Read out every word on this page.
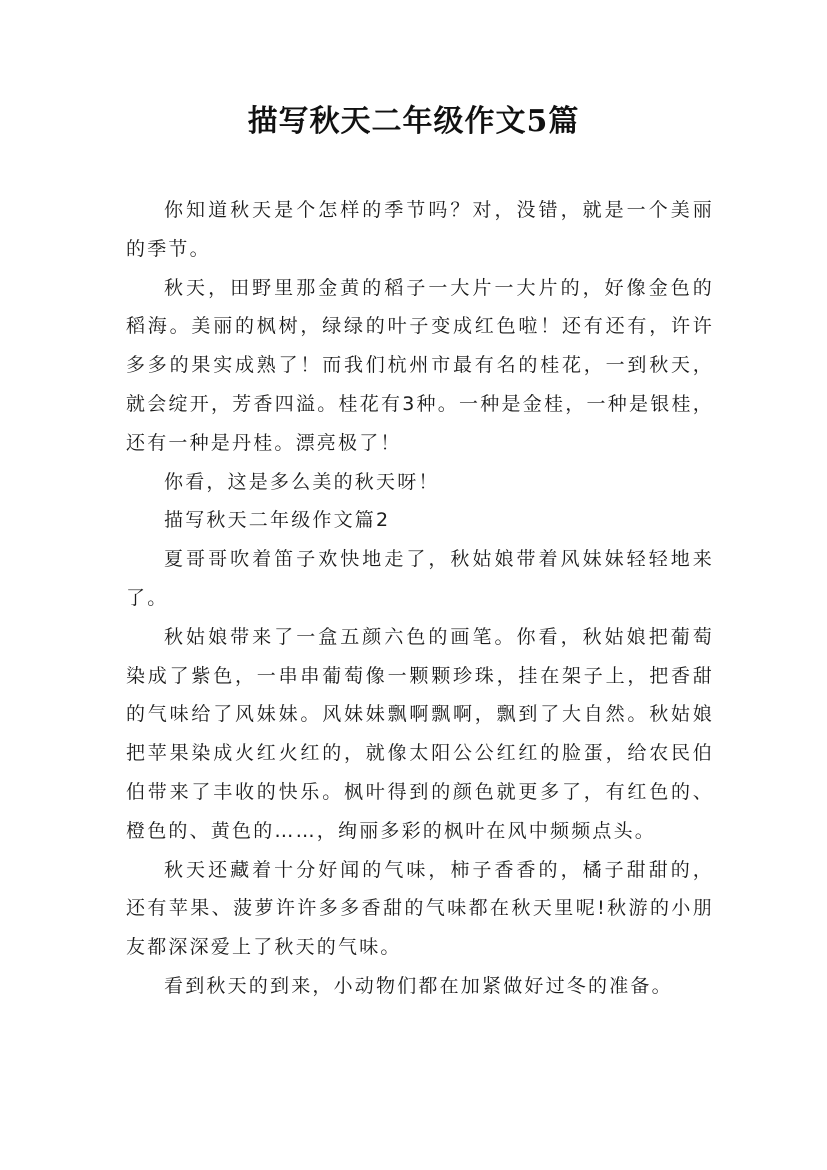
描写秋天二年级作文5篇

你知道秋天是个怎样的季节吗？对，没错，就是一个美丽的季节。

秋天，田野里那金黄的稻子一大片一大片的，好像金色的稻海。美丽的枫树，绿绿的叶子变成红色啦！还有还有，许许多多的果实成熟了！而我们杭州市最有名的桂花，一到秋天，就会绽开，芳香四溢。桂花有3种。一种是金桂，一种是银桂，还有一种是丹桂。漂亮极了！

你看，这是多么美的秋天呀！

描写秋天二年级作文篇2

夏哥哥吹着笛子欢快地走了，秋姑娘带着风妹妹轻轻地来了。

秋姑娘带来了一盒五颜六色的画笔。你看，秋姑娘把葡萄染成了紫色，一串串葡萄像一颗颗珍珠，挂在架子上，把香甜的气味给了风妹妹。风妹妹飘啊飘啊，飘到了大自然。秋姑娘把苹果染成火红火红的，就像太阳公公红红的脸蛋，给农民伯伯带来了丰收的快乐。枫叶得到的颜色就更多了，有红色的、橙色的、黄色的……，绚丽多彩的枫叶在风中频频点头。

秋天还藏着十分好闻的气味，柿子香香的，橘子甜甜的，还有苹果、菠萝许许多多香甜的气味都在秋天里呢!秋游的小朋友都深深爱上了秋天的气味。

看到秋天的到来，小动物们都在加紧做好过冬的准备。
